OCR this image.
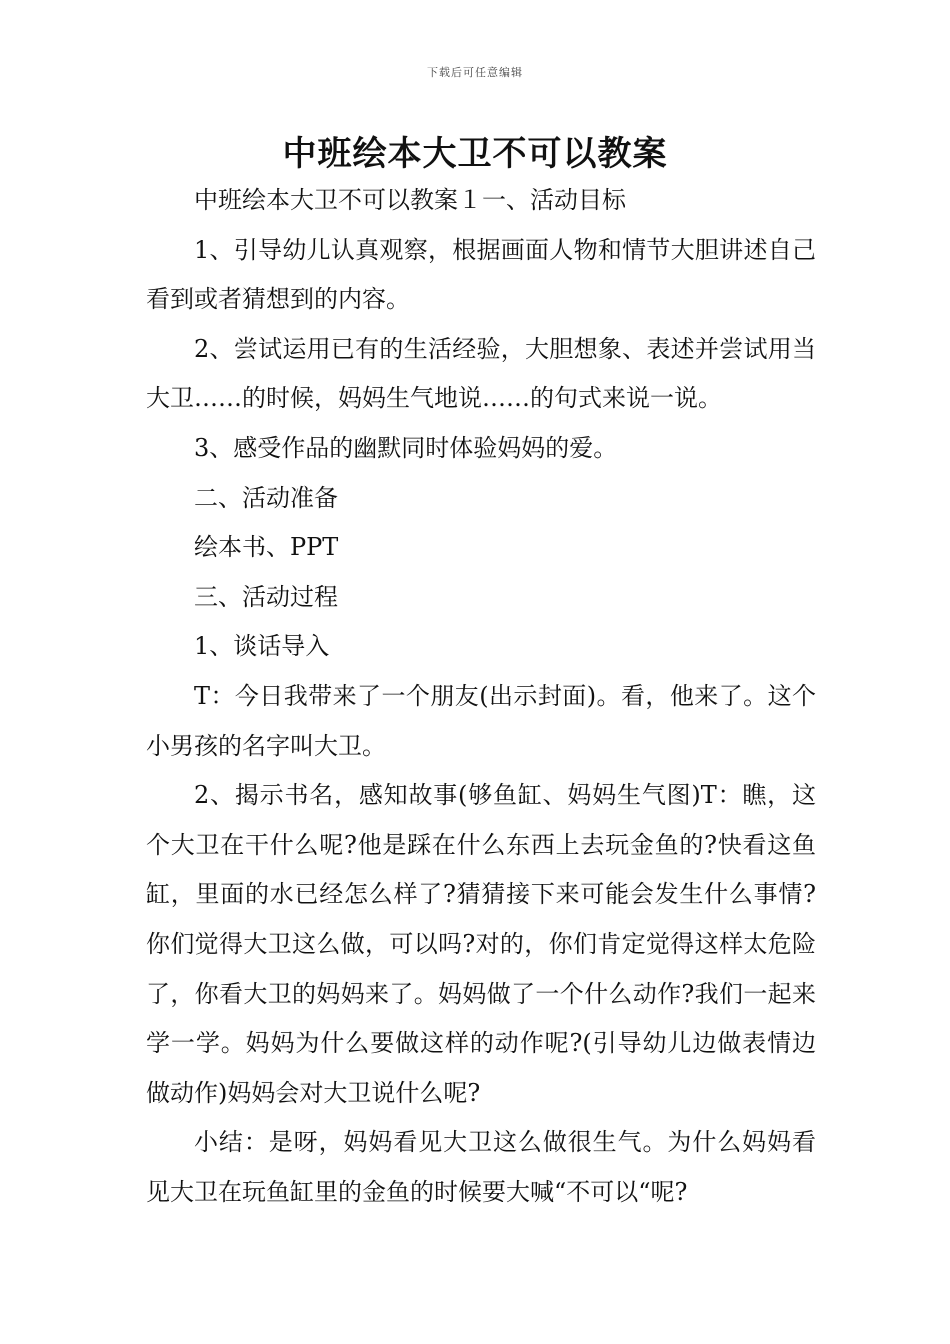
下载后可任意编辑
中班绘本大卫不可以教案

中班绘本大卫不可以教案１一、活动目标

1、引导幼儿认真观察，根据画面人物和情节大胆讲述自己看到或者猜想到的内容。

2、尝试运用已有的生活经验，大胆想象、表述并尝试用当大卫……的时候，妈妈生气地说……的句式来说一说。

3、感受作品的幽默同时体验妈妈的爱。

二、活动准备

绘本书、PPT

三、活动过程

1、谈话导入

T：今日我带来了一个朋友(出示封面)。看，他来了。这个小男孩的名字叫大卫。

2、揭示书名，感知故事(够鱼缸、妈妈生气图)T：瞧，这个大卫在干什么呢?他是踩在什么东西上去玩金鱼的?快看这鱼缸，里面的水已经怎么样了?猜猜接下来可能会发生什么事情?你们觉得大卫这么做，可以吗?对的，你们肯定觉得这样太危险了，你看大卫的妈妈来了。妈妈做了一个什么动作?我们一起来学一学。妈妈为什么要做这样的动作呢?(引导幼儿边做表情边做动作)妈妈会对大卫说什么呢?

小结：是呀，妈妈看见大卫这么做很生气。为什么妈妈看见大卫在玩鱼缸里的金鱼的时候要大喊“不可以“呢?
